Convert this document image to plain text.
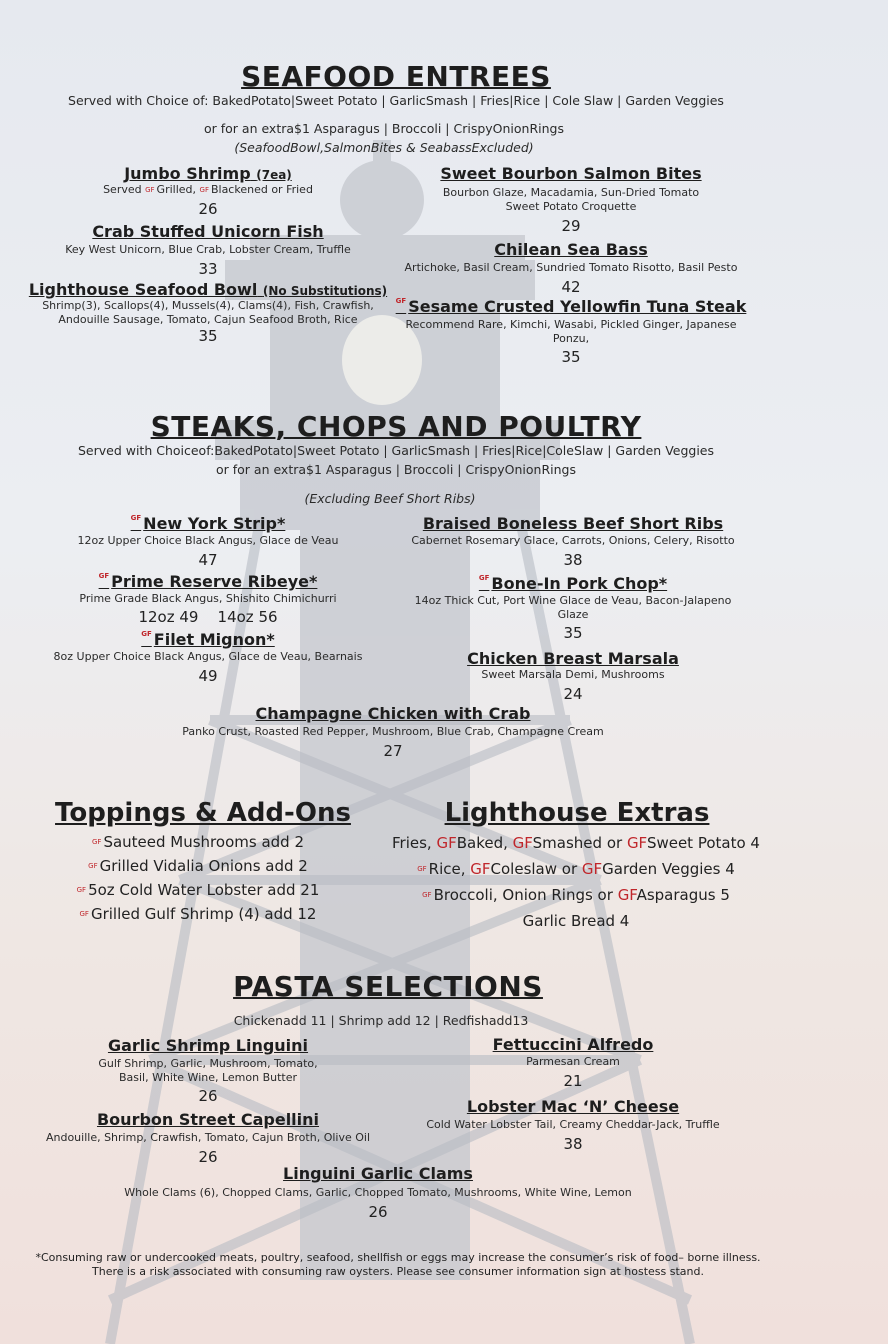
SEAFOOD ENTREES
Served with Choice of: BakedPotato|Sweet Potato | GarlicSmash | Fries|Rice | Cole Slaw | Garden Veggies
or for an extra$1 Asparagus | Broccoli | CrispyOnionRings
(SeafoodBowl,SalmonBites & SeabassExcluded)
Jumbo Shrimp (7ea)
Served $^{GF}$ Grilled, $^{GF}$ Blackened or Fried
26
Crab Stuffed Unicorn Fish
Key West Unicorn, Blue Crab, Lobster Cream, Truffle
33
Lighthouse Seafood Bowl (No Substitutions)
Shrimp(3), Scallops(4), Mussels(4), Clams(4), Fish, Crawfish,
Andouille Sausage, Tomato, Cajun Seafood Broth, Rice
35
Sweet Bourbon Salmon Bites
Bourbon Glaze, Macadamia, Sun-Dried Tomato
Sweet Potato Croquette
29
Chilean Sea Bass
Artichoke, Basil Cream, Sundried Tomato Risotto, Basil Pesto
42
$^{GF}$ Sesame Crusted Yellowfin Tuna Steak
Recommend Rare, Kimchi, Wasabi, Pickled Ginger, Japanese
Ponzu,
35
STEAKS, CHOPS AND POULTRY
Served with Choiceof:BakedPotato|Sweet Potato | GarlicSmash | Fries|Rice|ColeSlaw | Garden Veggies
or for an extra$1 Asparagus | Broccoli | CrispyOnionRings
(Excluding Beef Short Ribs)
$^{GF}$ New York Strip*
12oz Upper Choice Black Angus, Glace de Veau
47
$^{GF}$ Prime Reserve Ribeye*
Prime Grade Black Angus, Shishito Chimichurri
12oz 49    14oz 56
$^{GF}$ Filet Mignon*
8oz Upper Choice Black Angus, Glace de Veau, Bearnais
49
Braised Boneless Beef Short Ribs
Cabernet Rosemary Glace, Carrots, Onions, Celery, Risotto
38
$^{GF}$ Bone-In Pork Chop*
14oz Thick Cut, Port Wine Glace de Veau, Bacon-Jalapeno
Glaze
35
Chicken Breast Marsala
Sweet Marsala Demi, Mushrooms
24
Champagne Chicken with Crab
Panko Crust, Roasted Red Pepper, Mushroom, Blue Crab, Champagne Cream
27
Toppings & Add-Ons
$^{GF}$ Sauteed Mushrooms add 2
$^{GF}$ Grilled Vidalia Onions add 2
$^{GF}$ 5oz Cold Water Lobster add 21
$^{GF}$ Grilled Gulf Shrimp (4) add 12
Lighthouse Extras
Fries, GFBaked, GFSmashed or GFSweet Potato 4
$^{GF}$ Rice, GFColeslaw or GFGarden Veggies 4
$^{GF}$ Broccoli, Onion Rings or GFAsparagus 5
Garlic Bread 4
PASTA SELECTIONS
Chickenadd 11 | Shrimp add 12 | Redfishadd13
Garlic Shrimp Linguini
Gulf Shrimp, Garlic, Mushroom, Tomato,
Basil, White Wine, Lemon Butter
26
Bourbon Street Capellini
Andouille, Shrimp, Crawfish, Tomato, Cajun Broth, Olive Oil
26
Fettuccini Alfredo
Parmesan Cream
21
Lobster Mac ‘N’ Cheese
Cold Water Lobster Tail, Creamy Cheddar-Jack, Truffle
38
Linguini Garlic Clams
Whole Clams (6), Chopped Clams, Garlic, Chopped Tomato, Mushrooms, White Wine, Lemon
26
*Consuming raw or undercooked meats, poultry, seafood, shellfish or eggs may increase the consumer’s risk of food– borne illness.
There is a risk associated with consuming raw oysters. Please see consumer information sign at hostess stand.
